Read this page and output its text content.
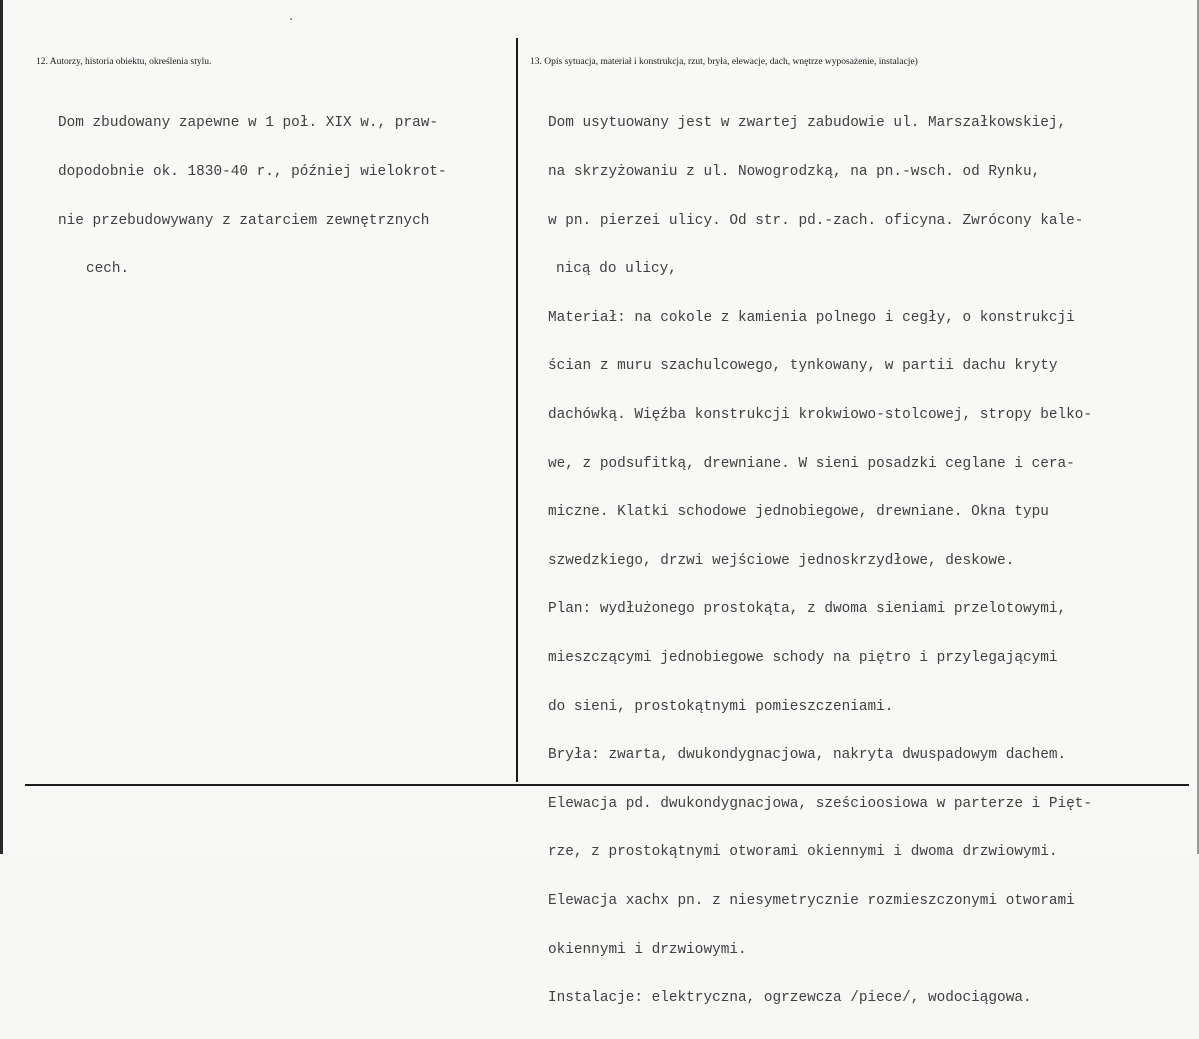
12. Autorzy, historia obiektu, określenia stylu.	13. Opis sytuacja, materiał i konstrukcja, rzut, bryła, elewacje, dach, wnętrze wyposażenie, instalacje)

Dom zbudowany zapewne w 1 poł. XIX w., praw-

dopodobnie ok. 1830-40 r., później wielokrot-

nie przebudowywany z zatarciem zewnętrznych

cech.

Dom usytuowany jest w zwartej zabudowie ul. Marszałkowskiej,

na skrzyżowaniu z ul. Nowogrodzką, na pn.-wsch. od Rynku,

w pn. pierzei ulicy. Od str. pd.-zach. oficyna. Zwrócony kale-

nicą do ulicy,

Materiał: na cokole z kamienia polnego i cegły, o konstrukcji

ścian z muru szachulcowego, tynkowany, w partii dachu kryty

dachówką. Więźba konstrukcji krokwiowo-stolcowej, stropy belko-

we, z podsufitką, drewniane. W sieni posadzki ceglane i cera-

miczne. Klatki schodowe jednobiegowe, drewniane. Okna typu

szwedzkiego, drzwi wejściowe jednoskrzydłowe, deskowe.

Plan: wydłużonego prostokąta, z dwoma sieniami przelotowymi,

mieszczącymi jednobiegowe schody na piętro i przylegającymi

do sieni, prostokątnymi pomieszczeniami.

Bryła: zwarta, dwukondygnacjowa, nakryta dwuspadowym dachem.

Elewacja pd. dwukondygnacjowa, sześcioosiowa w parterze i Pięt-

rze, z prostokątnymi otworami okiennymi i dwoma drzwiowymi.

Elewacja xachx pn. z niesymetrycznie rozmieszczonymi otworami

okiennymi i drzwiowymi.

Instalacje: elektryczna, ogrzewcza /piece/, wodociągowa.
